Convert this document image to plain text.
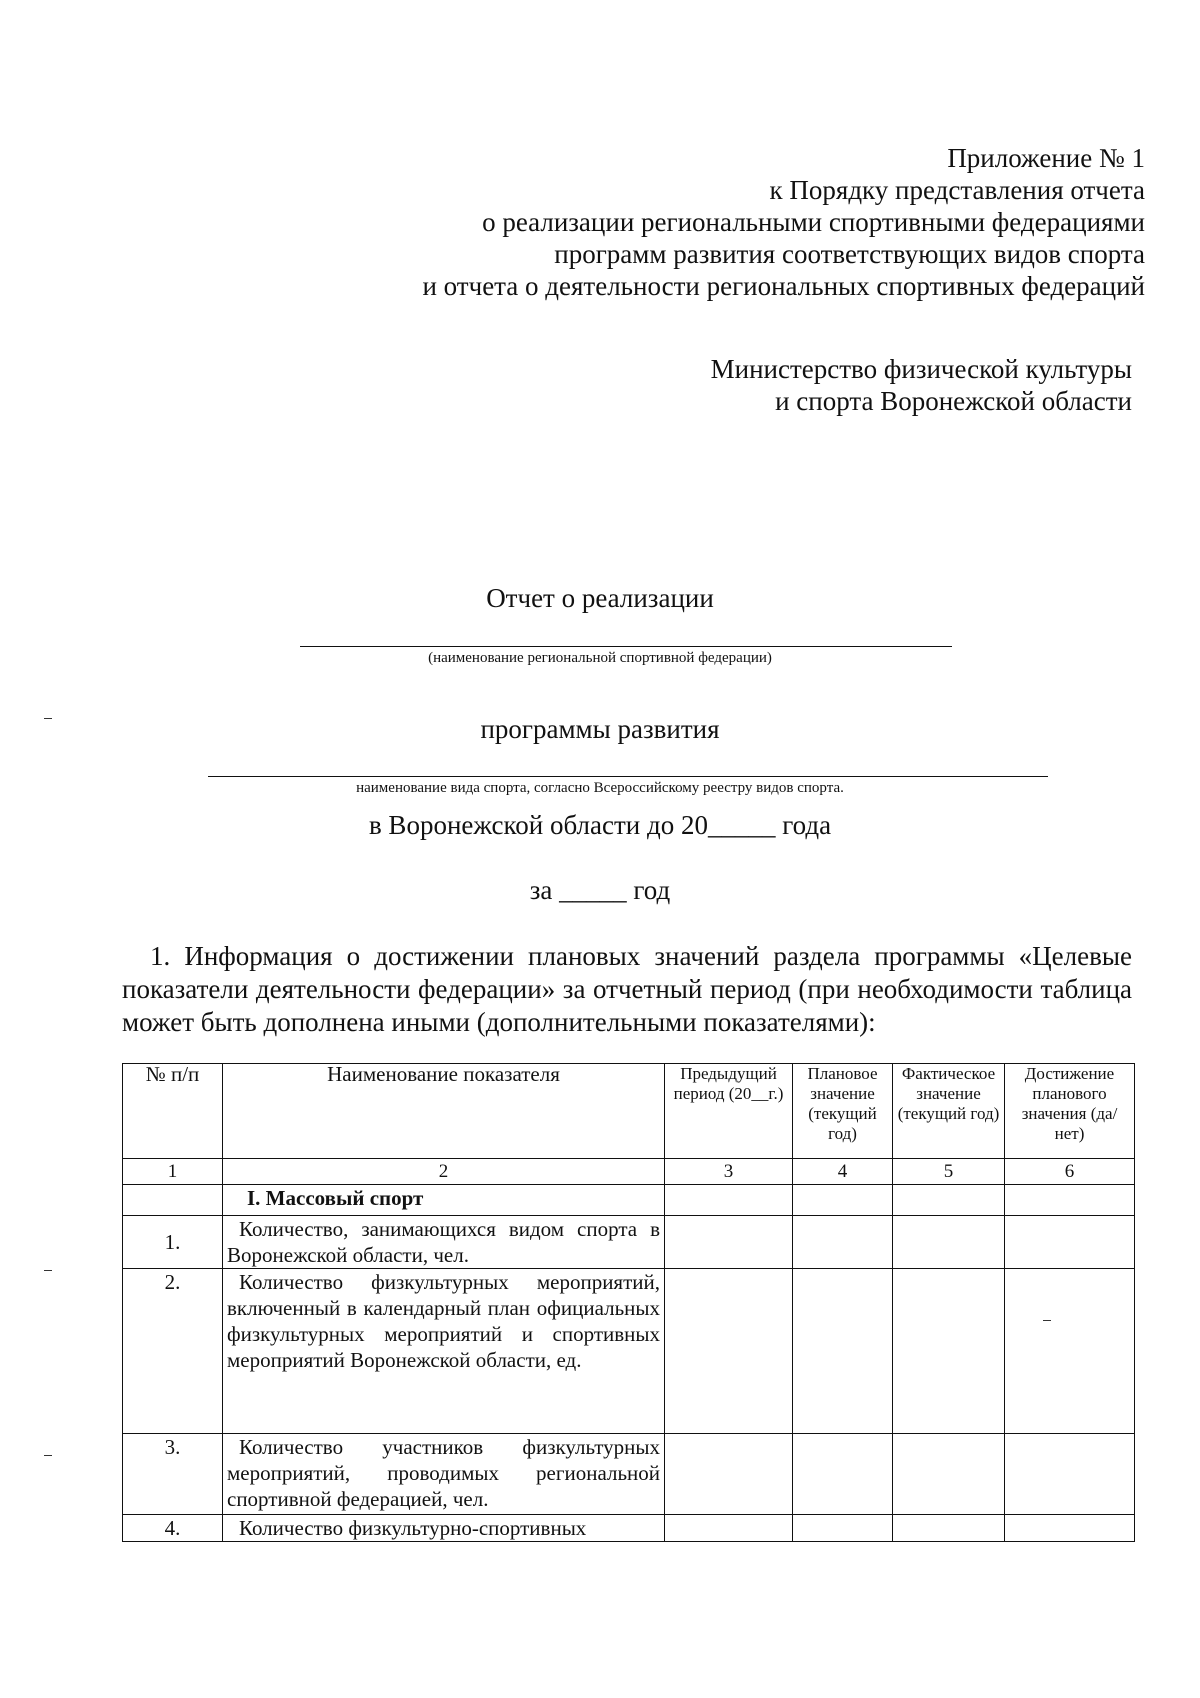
Приложение № 1
к Порядку представления отчета
о реализации региональными спортивными федерациями
программ развития соответствующих видов спорта
и отчета о деятельности региональных спортивных федераций
Министерство физической культуры
и спорта Воронежской области
Отчет о реализации
(наименование региональной спортивной федерации)
программы развития
наименование вида спорта, согласно Всероссийскому реестру видов спорта.
в Воронежской области до 20_____ года
за _____ год
1. Информация о достижении плановых значений раздела программы «Целевые показатели деятельности федерации» за отчетный период (при необходимости таблица может быть дополнена иными (дополнительными показателями):
№ п/п	Наименование показателя	Предыдущий период (20__г.)	Плановое значение (текущий год)	Фактическое значение (текущий год)	Достижение планового значения (да/нет)
1	2	3	4	5	6
	I. Массовый спорт				
1.	Количество, занимающихся видом спорта в Воронежской области, чел.				
2.	Количество физкультурных мероприятий, включенный в календарный план официальных физкультурных мероприятий и спортивных мероприятий Воронежской области, ед.				
3.	Количество участников физкультурных мероприятий, проводимых региональной спортивной федерацией, чел.				
4.	Количество физкультурно-спортивных				
